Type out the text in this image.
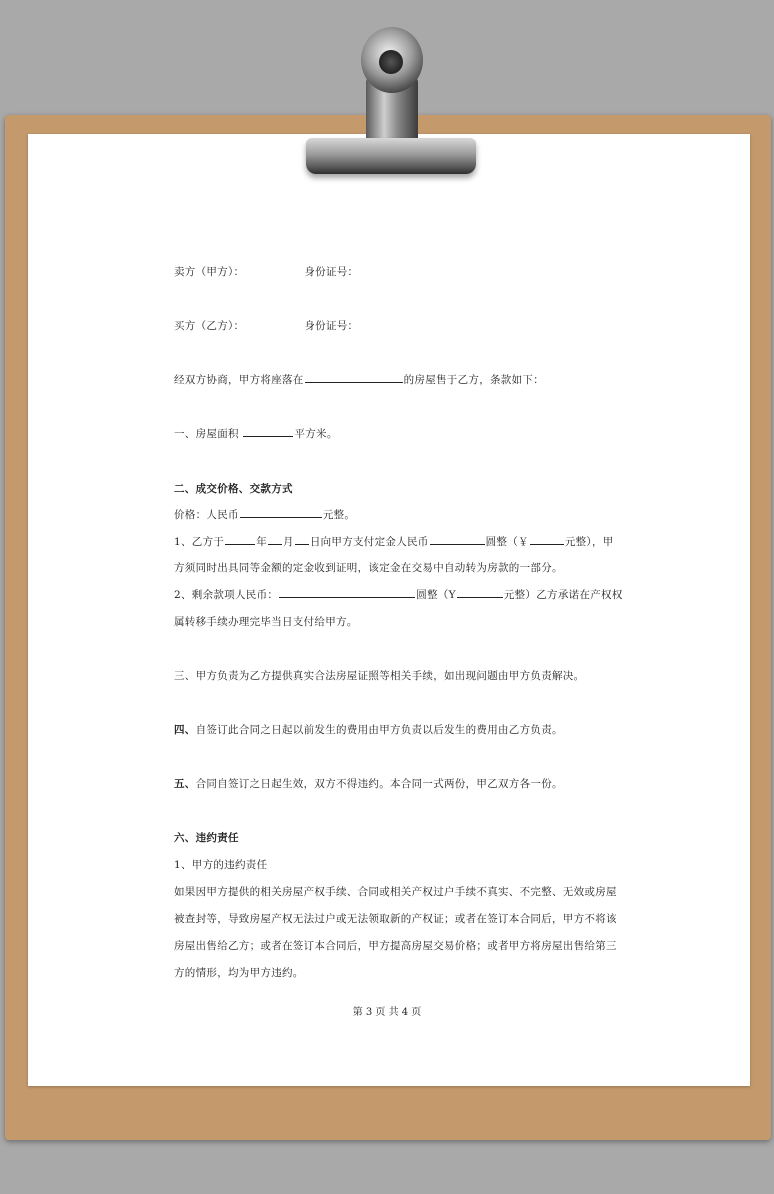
卖方（甲方）：	身份证号：
买方（乙方）：	身份证号：
经双方协商，甲方将座落在	的房屋售于乙方，条款如下：
一、房屋面积	平方米。
二、成交价格、交款方式
价格：人民币	元整。
1、乙方于	年 月 日向甲方支付定金人民币	圆整（￥	元整），甲
方须同时出具同等金额的定金收到证明，该定金在交易中自动转为房款的一部分。
2、剩余款项人民币：	圆整（Y	元整）乙方承诺在产权权
属转移手续办理完毕当日支付给甲方。
三、甲方负责为乙方提供真实合法房屋证照等相关手续，如出现问题由甲方负责解决。
四、自签订此合同之日起以前发生的费用由甲方负责以后发生的费用由乙方负责。
五、合同自签订之日起生效，双方不得违约。本合同一式两份，甲乙双方各一份。
六、违约责任
1、甲方的违约责任
如果因甲方提供的相关房屋产权手续、合同或相关产权过户手续不真实、不完整、无效或房屋
被查封等，导致房屋产权无法过户或无法领取新的产权证；或者在签订本合同后，甲方不将该
房屋出售给乙方；或者在签订本合同后，甲方提高房屋交易价格；或者甲方将房屋出售给第三
方的情形，均为甲方违约。
第 3 页 共 4 页
